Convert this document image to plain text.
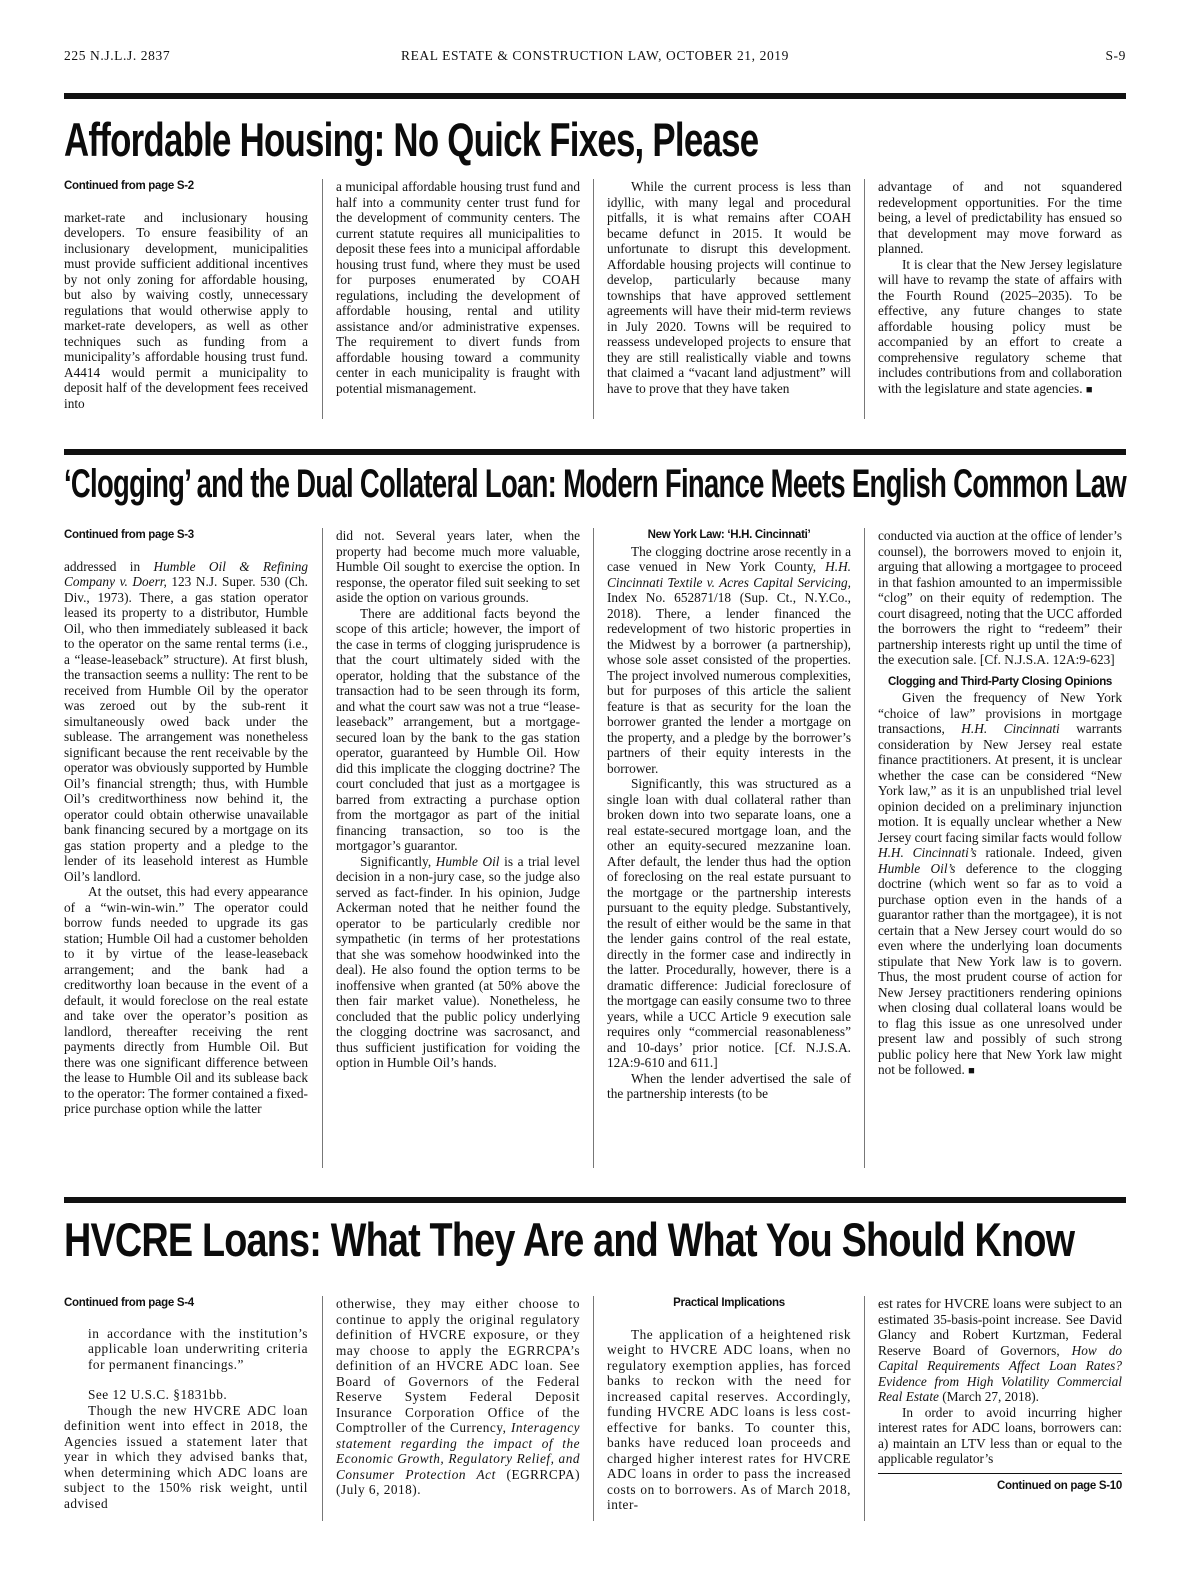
225 N.J.L.J. 2837	REAL ESTATE & CONSTRUCTION LAW, OCTOBER 21, 2019	S-9
Affordable Housing: No Quick Fixes, Please
Continued from page S-2

market-rate and inclusionary housing developers. To ensure feasibility of an inclusionary development, municipalities must provide sufficient additional incentives by not only zoning for affordable housing, but also by waiving costly, unnecessary regulations that would otherwise apply to market-rate developers, as well as other techniques such as funding from a municipality’s affordable housing trust fund. A4414 would permit a municipality to deposit half of the development fees received into

a municipal affordable housing trust fund and half into a community center trust fund for the development of community centers. The current statute requires all municipalities to deposit these fees into a municipal affordable housing trust fund, where they must be used for purposes enumerated by COAH regulations, including the development of affordable housing, rental and utility assistance and/or administrative expenses. The requirement to divert funds from affordable housing toward a community center in each municipality is fraught with potential mismanagement.

While the current process is less than idyllic, with many legal and procedural pitfalls, it is what remains after COAH became defunct in 2015. It would be unfortunate to disrupt this development. Affordable housing projects will continue to develop, particularly because many townships that have approved settlement agreements will have their mid-term reviews in July 2020. Towns will be required to reassess undeveloped projects to ensure that they are still realistically viable and towns that claimed a “vacant land adjustment” will have to prove that they have taken

advantage of and not squandered redevelopment opportunities. For the time being, a level of predictability has ensued so that development may move forward as planned.

It is clear that the New Jersey legislature will have to revamp the state of affairs with the Fourth Round (2025–2035). To be effective, any future changes to state affordable housing policy must be accompanied by an effort to create a comprehensive regulatory scheme that includes contributions from and collaboration with the legislature and state agencies. ■

‘Clogging’ and the Dual Collateral Loan: Modern Finance Meets English Common Law
Continued from page S-3

addressed in Humble Oil & Refining Company v. Doerr, 123 N.J. Super. 530 (Ch. Div., 1973). There, a gas station operator leased its property to a distributor, Humble Oil, who then immediately subleased it back to the operator on the same rental terms (i.e., a “lease-leaseback” structure). At first blush, the transaction seems a nullity: The rent to be received from Humble Oil by the operator was zeroed out by the sub-rent it simultaneously owed back under the sublease. The arrangement was nonetheless significant because the rent receivable by the operator was obviously supported by Humble Oil’s financial strength; thus, with Humble Oil’s creditworthiness now behind it, the operator could obtain otherwise unavailable bank financing secured by a mortgage on its gas station property and a pledge to the lender of its leasehold interest as Humble Oil’s landlord.

At the outset, this had every appearance of a “win-win-win.” The operator could borrow funds needed to upgrade its gas station; Humble Oil had a customer beholden to it by virtue of the lease-leaseback arrangement; and the bank had a creditworthy loan because in the event of a default, it would foreclose on the real estate and take over the operator’s position as landlord, thereafter receiving the rent payments directly from Humble Oil. But there was one significant difference between the lease to Humble Oil and its sublease back to the operator: The former contained a fixed-price purchase option while the latter

did not. Several years later, when the property had become much more valuable, Humble Oil sought to exercise the option. In response, the operator filed suit seeking to set aside the option on various grounds.

There are additional facts beyond the scope of this article; however, the import of the case in terms of clogging jurisprudence is that the court ultimately sided with the operator, holding that the substance of the transaction had to be seen through its form, and what the court saw was not a true “lease-leaseback” arrangement, but a mortgage-secured loan by the bank to the gas station operator, guaranteed by Humble Oil. How did this implicate the clogging doctrine? The court concluded that just as a mortgagee is barred from extracting a purchase option from the mortgagor as part of the initial financing transaction, so too is the mortgagor’s guarantor.

Significantly, Humble Oil is a trial level decision in a non-jury case, so the judge also served as fact-finder. In his opinion, Judge Ackerman noted that he neither found the operator to be particularly credible nor sympathetic (in terms of her protestations that she was somehow hoodwinked into the deal). He also found the option terms to be inoffensive when granted (at 50% above the then fair market value). Nonetheless, he concluded that the public policy underlying the clogging doctrine was sacrosanct, and thus sufficient justification for voiding the option in Humble Oil’s hands.

New York Law: ‘H.H. Cincinnati’

The clogging doctrine arose recently in a case venued in New York County, H.H. Cincinnati Textile v. Acres Capital Servicing, Index No. 652871/18 (Sup. Ct., N.Y.Co., 2018). There, a lender financed the redevelopment of two historic properties in the Midwest by a borrower (a partnership), whose sole asset consisted of the properties. The project involved numerous complexities, but for purposes of this article the salient feature is that as security for the loan the borrower granted the lender a mortgage on the property, and a pledge by the borrower’s partners of their equity interests in the borrower.

Significantly, this was structured as a single loan with dual collateral rather than broken down into two separate loans, one a real estate-secured mortgage loan, and the other an equity-secured mezzanine loan. After default, the lender thus had the option of foreclosing on the real estate pursuant to the mortgage or the partnership interests pursuant to the equity pledge. Substantively, the result of either would be the same in that the lender gains control of the real estate, directly in the former case and indirectly in the latter. Procedurally, however, there is a dramatic difference: Judicial foreclosure of the mortgage can easily consume two to three years, while a UCC Article 9 execution sale requires only “commercial reasonableness” and 10-days’ prior notice. [Cf. N.J.S.A. 12A:9-610 and 611.]

When the lender advertised the sale of the partnership interests (to be

conducted via auction at the office of lender’s counsel), the borrowers moved to enjoin it, arguing that allowing a mortgagee to proceed in that fashion amounted to an impermissible “clog” on their equity of redemption. The court disagreed, noting that the UCC afforded the borrowers the right to “redeem” their partnership interests right up until the time of the execution sale. [Cf. N.J.S.A. 12A:9-623]

Clogging and Third-Party Closing Opinions

Given the frequency of New York “choice of law” provisions in mortgage transactions, H.H. Cincinnati warrants consideration by New Jersey real estate finance practitioners. At present, it is unclear whether the case can be considered “New York law,” as it is an unpublished trial level opinion decided on a preliminary injunction motion. It is equally unclear whether a New Jersey court facing similar facts would follow H.H. Cincinnati’s rationale. Indeed, given Humble Oil’s deference to the clogging doctrine (which went so far as to void a purchase option even in the hands of a guarantor rather than the mortgagee), it is not certain that a New Jersey court would do so even where the underlying loan documents stipulate that New York law is to govern. Thus, the most prudent course of action for New Jersey practitioners rendering opinions when closing dual collateral loans would be to flag this issue as one unresolved under present law and possibly of such strong public policy here that New York law might not be followed. ■

HVCRE Loans: What They Are and What You Should Know
Continued from page S-4

in accordance with the institution’s applicable loan underwriting criteria for permanent financings.”

See 12 U.S.C. §1831bb.

Though the new HVCRE ADC loan definition went into effect in 2018, the Agencies issued a statement later that year in which they advised banks that, when determining which ADC loans are subject to the 150% risk weight, until advised

otherwise, they may either choose to continue to apply the original regulatory definition of HVCRE exposure, or they may choose to apply the EGRRCPA’s definition of an HVCRE ADC loan. See Board of Governors of the Federal Reserve System Federal Deposit Insurance Corporation Office of the Comptroller of the Currency, Interagency statement regarding the impact of the Economic Growth, Regulatory Relief, and Consumer Protection Act (EGRRCPA) (July 6, 2018).

Practical Implications

The application of a heightened risk weight to HVCRE ADC loans, when no regulatory exemption applies, has forced banks to reckon with the need for increased capital reserves. Accordingly, funding HVCRE ADC loans is less cost-effective for banks. To counter this, banks have reduced loan proceeds and charged higher interest rates for HVCRE ADC loans in order to pass the increased costs on to borrowers. As of March 2018, inter-

est rates for HVCRE loans were subject to an estimated 35-basis-point increase. See David Glancy and Robert Kurtzman, Federal Reserve Board of Governors, How do Capital Requirements Affect Loan Rates? Evidence from High Volatility Commercial Real Estate (March 27, 2018).

In order to avoid incurring higher interest rates for ADC loans, borrowers can: a) maintain an LTV less than or equal to the applicable regulator’s

Continued on page S-10
